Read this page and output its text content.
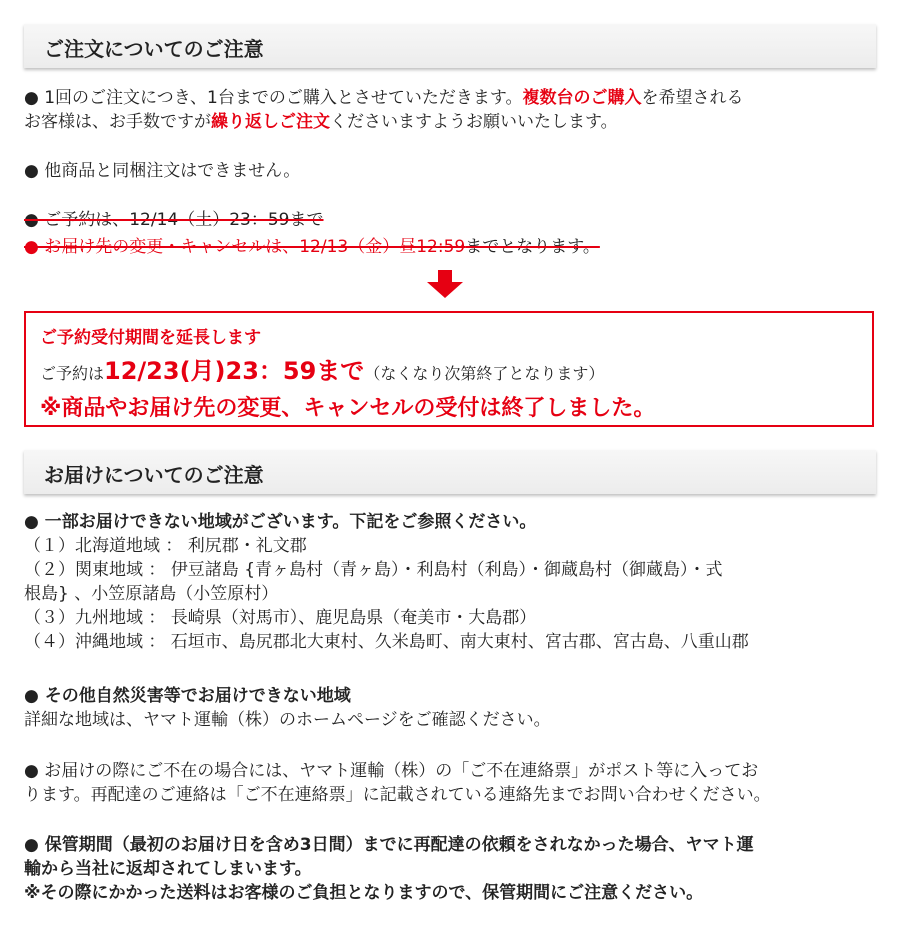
ご注文についてのご注意
● 1回のご注文につき、1台までのご購入とさせていただきます。複数台のご購入を希望される
お客様は、お手数ですが繰り返しご注文くださいますようお願いいたします。
● 他商品と同梱注文はできません。
● ご予約は、12/14（土）23：59まで
● お届け先の変更・キャンセルは、12/13（金）昼12:59までとなります。
ご予約受付期間を延長します
ご予約は12/23(月)23：59まで（なくなり次第終了となります）
※商品やお届け先の変更、キャンセルの受付は終了しました。
お届けについてのご注意
● 一部お届けできない地域がございます。下記をご参照ください。
（１）北海道地域 ： 利尻郡・礼文郡
（２）関東地域 ： 伊豆諸島 {青ヶ島村（青ヶ島）・利島村（利島）・御蔵島村（御蔵島）・式
根島} 、小笠原諸島（小笠原村）
（３）九州地域 ： 長崎県（対馬市）、鹿児島県（奄美市・大島郡）
（４）沖縄地域 ： 石垣市、島尻郡北大東村、久米島町、南大東村、宮古郡、宮古島、八重山郡
● その他自然災害等でお届けできない地域
詳細な地域は、ヤマト運輸（株）のホームページをご確認ください。
● お届けの際にご不在の場合には、ヤマト運輸（株）の「ご不在連絡票」がポスト等に入ってお
ります。再配達のご連絡は「ご不在連絡票」に記載されている連絡先までお問い合わせください。
● 保管期間（最初のお届け日を含め3日間）までに再配達の依頼をされなかった場合、ヤマト運
輸から当社に返却されてしまいます。
※その際にかかった送料はお客様のご負担となりますので、保管期間にご注意ください。
